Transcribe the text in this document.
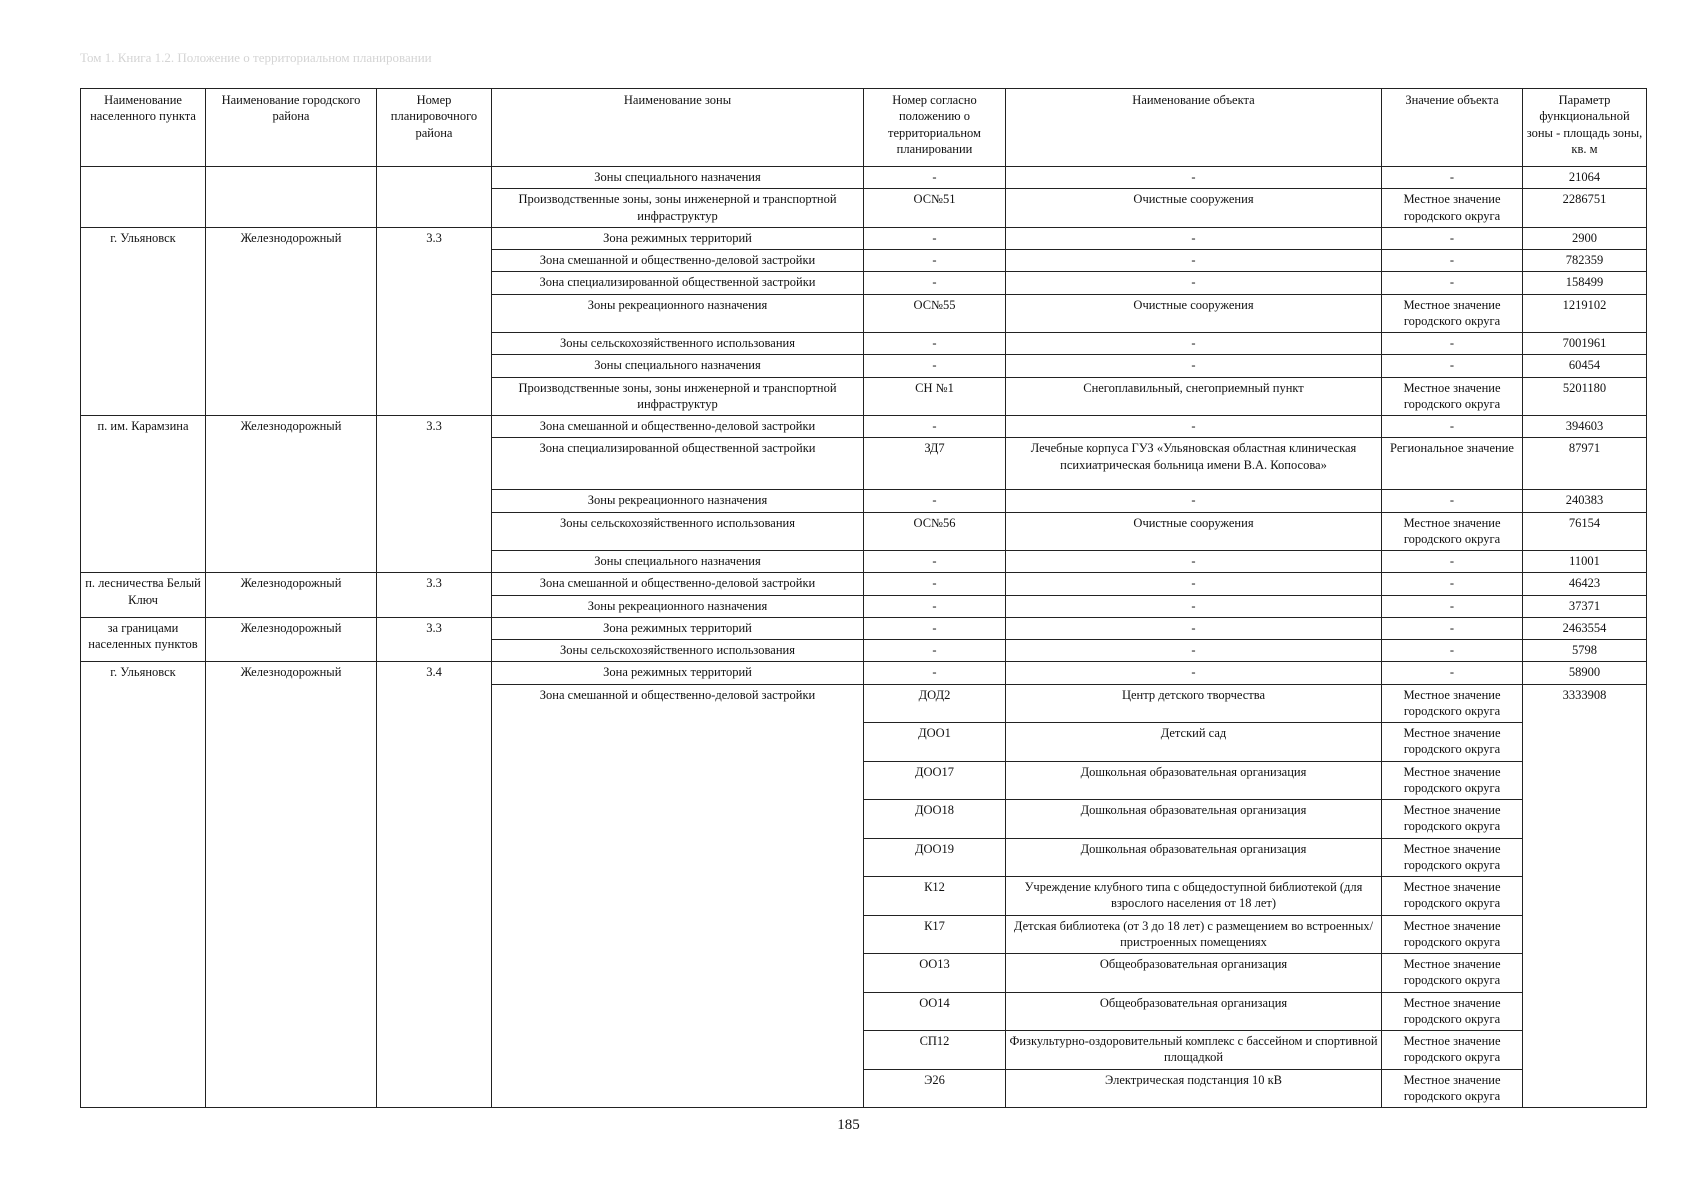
Том 1. Книга 1.2. Положение о территориальном планировании
Наименование населенного пункта	Наименование городского района	Номер планировочного района	Наименование зоны	Номер согласно положению о территориальном планировании	Наименование объекта	Значение объекта	Параметр функциональной зоны - площадь зоны, кв. м
			Зоны специального назначения	-	-	-	21064
			Производственные зоны, зоны инженерной и транспортной инфраструктур	ОС№51	Очистные сооружения	Местное значение городского округа	2286751
г. Ульяновск	Железнодорожный	3.3	Зона режимных территорий	-	-	-	2900
			Зона смешанной и общественно-деловой застройки	-	-	-	782359
			Зона специализированной общественной застройки	-	-	-	158499
			Зоны рекреационного назначения	ОС№55	Очистные сооружения	Местное значение городского округа	1219102
			Зоны сельскохозяйственного использования	-	-	-	7001961
			Зоны специального назначения	-	-	-	60454
			Производственные зоны, зоны инженерной и транспортной инфраструктур	СН №1	Снегоплавильный, снегоприемный пункт	Местное значение городского округа	5201180
п. им. Карамзина	Железнодорожный	3.3	Зона смешанной и общественно-деловой застройки	-	-	-	394603
			Зона специализированной общественной застройки	ЗД7	Лечебные корпуса ГУЗ «Ульяновская областная клиническая психиатрическая больница имени В.А. Копосова»	Региональное значение	87971
			Зоны рекреационного назначения	-	-	-	240383
			Зоны сельскохозяйственного использования	ОС№56	Очистные сооружения	Местное значение городского округа	76154
			Зоны специального назначения	-	-	-	11001
п. лесничества Белый Ключ	Железнодорожный	3.3	Зона смешанной и общественно-деловой застройки	-	-	-	46423
			Зоны рекреационного назначения	-	-	-	37371
за границами населенных пунктов	Железнодорожный	3.3	Зона режимных территорий	-	-	-	2463554
			Зоны сельскохозяйственного использования	-	-	-	5798
г. Ульяновск	Железнодорожный	3.4	Зона режимных территорий	-	-	-	58900
			Зона смешанной и общественно-деловой застройки	ДОД2	Центр детского творчества	Местное значение городского округа	3333908
				ДОО1	Детский сад	Местное значение городского округа	
				ДОО17	Дошкольная образовательная организация	Местное значение городского округа	
				ДОО18	Дошкольная образовательная организация	Местное значение городского округа	
				ДОО19	Дошкольная образовательная организация	Местное значение городского округа	
				К12	Учреждение клубного типа с общедоступной библиотекой (для взрослого населения от 18 лет)	Местное значение городского округа	
				К17	Детская библиотека (от 3 до 18 лет) с размещением во встроенных/пристроенных помещениях	Местное значение городского округа	
				ОО13	Общеобразовательная организация	Местное значение городского округа	
				ОО14	Общеобразовательная организация	Местное значение городского округа	
				СП12	Физкультурно-оздоровительный комплекс с бассейном и спортивной площадкой	Местное значение городского округа	
				Э26	Электрическая подстанция 10 кВ	Местное значение городского округа	
185
